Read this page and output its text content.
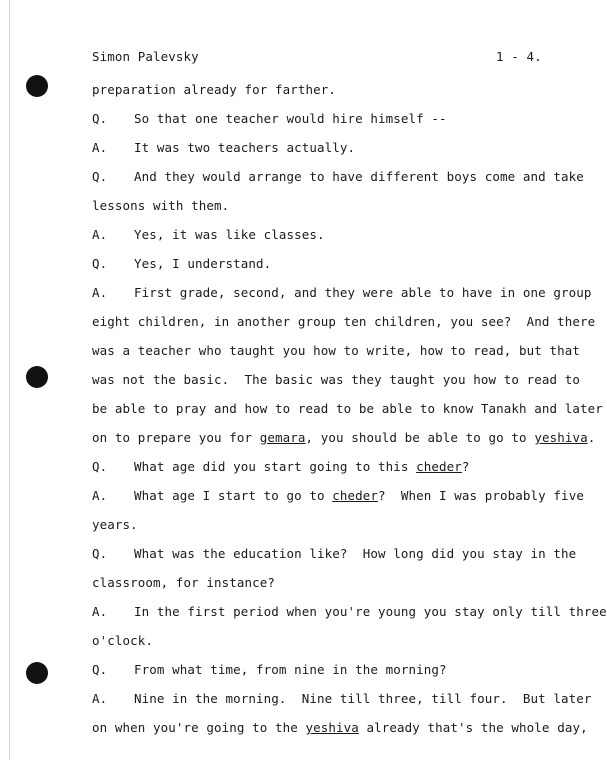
Simon Palevsky	1 - 4.
preparation already for farther.
Q. So that one teacher would hire himself --
A. It was two teachers actually.
Q. And they would arrange to have different boys come and take
lessons with them.
A. Yes, it was like classes.
Q. Yes, I understand.
A. First grade, second, and they were able to have in one group
eight children, in another group ten children, you see?  And there
was a teacher who taught you how to write, how to read, but that
was not the basic.  The basic was they taught you how to read to
be able to pray and how to read to be able to know Tanakh and later
on to prepare you for gemara, you should be able to go to yeshiva.
Q. What age did you start going to this cheder?
A. What age I start to go to cheder?  When I was probably five
years.
Q. What was the education like?  How long did you stay in the
classroom, for instance?
A. In the first period when you're young you stay only till three
o'clock.
Q. From what time, from nine in the morning?
A. Nine in the morning.  Nine till three, till four.  But later
on when you're going to the yeshiva already that's the whole day,
